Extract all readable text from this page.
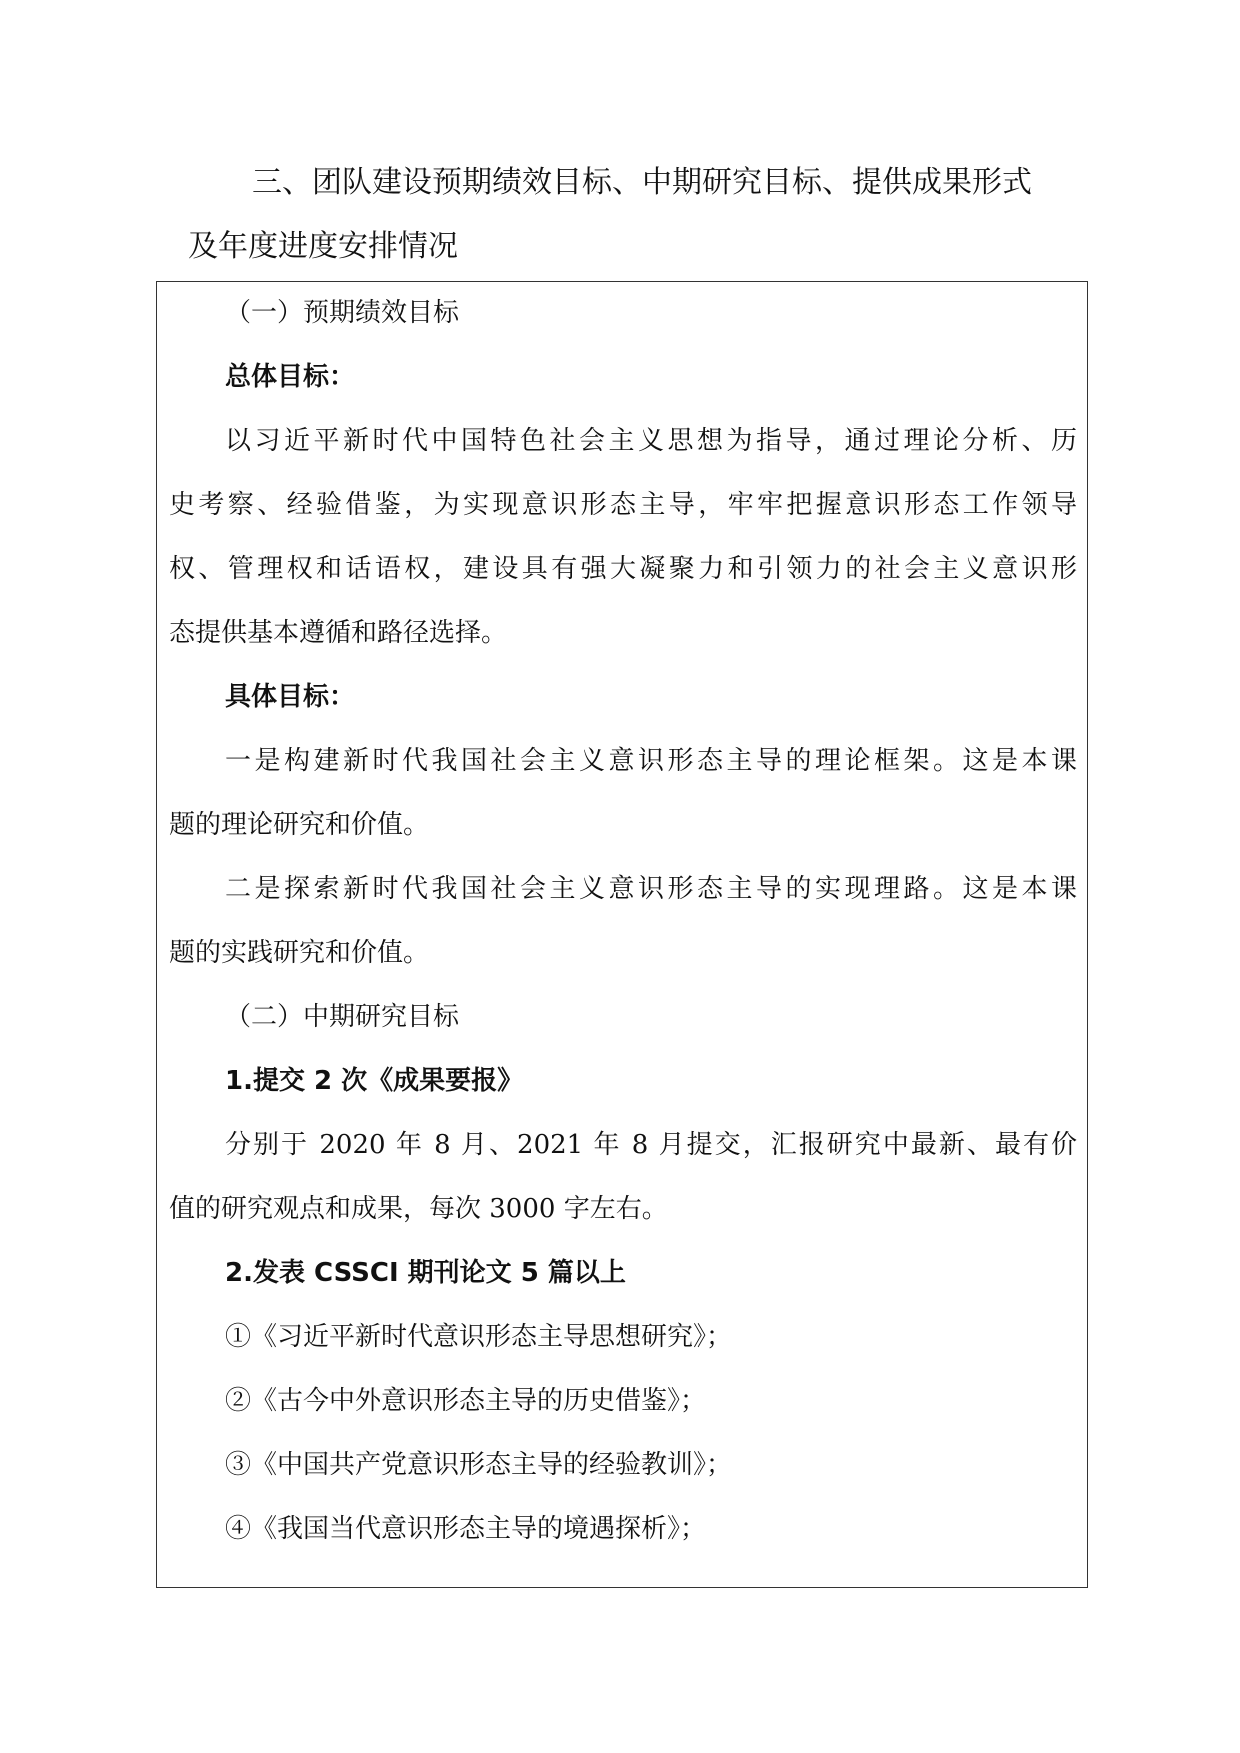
三、团队建设预期绩效目标、中期研究目标、提供成果形式
及年度进度安排情况

（一）预期绩效目标

总体目标：

以习近平新时代中国特色社会主义思想为指导，通过理论分析、历

史考察、经验借鉴，为实现意识形态主导，牢牢把握意识形态工作领导

权、管理权和话语权，建设具有强大凝聚力和引领力的社会主义意识形

态提供基本遵循和路径选择。

具体目标：

一是构建新时代我国社会主义意识形态主导的理论框架。这是本课

题的理论研究和价值。

二是探索新时代我国社会主义意识形态主导的实现理路。这是本课

题的实践研究和价值。

（二）中期研究目标

1.提交 2 次《成果要报》

分别于 2020 年 8 月、2021 年 8 月提交，汇报研究中最新、最有价

值的研究观点和成果，每次 3000 字左右。

2.发表 CSSCI 期刊论文 5 篇以上

①《习近平新时代意识形态主导思想研究》；

②《古今中外意识形态主导的历史借鉴》；

③《中国共产党意识形态主导的经验教训》；

④《我国当代意识形态主导的境遇探析》；
